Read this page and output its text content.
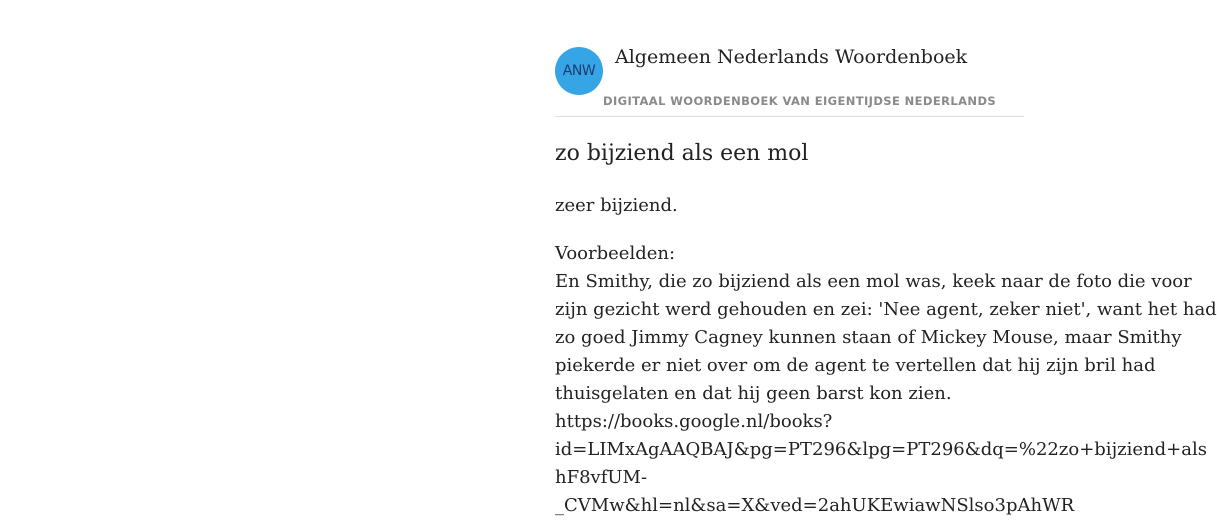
ANW
Algemeen Nederlands Woordenboek
DIGITAAL WOORDENBOEK VAN EIGENTIJDSE NEDERLANDS
zo bijziend als een mol
zeer bijziend.
Voorbeelden:
En Smithy, die zo bijziend als een mol was, keek naar de foto die voor
zijn gezicht werd gehouden en zei: 'Nee agent, zeker niet', want het had
zo goed Jimmy Cagney kunnen staan of Mickey Mouse, maar Smithy
piekerde er niet over om de agent te vertellen dat hij zijn bril had
thuisgelaten en dat hij geen barst kon zien.
https://books.google.nl/books?
id=LIMxAgAAQBAJ&pg=PT296&lpg=PT296&dq=%22zo+bijziend+als
hF8vfUM-
_CVMw&hl=nl&sa=X&ved=2ahUKEwiawNSlso3pAhWR
